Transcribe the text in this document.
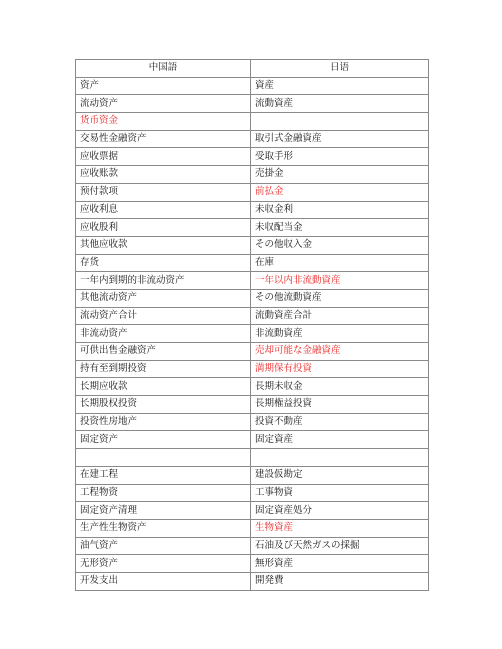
中国語	日语
资产	資産
流动资产	流動資産
货币资金	
交易性金融资产	取引式金融資産
应收票据	受取手形
应收账款	売掛金
预付款项	前払金
应收利息	未収金利
应收股利	未収配当金
其他应收款	その他収入金
存货	在庫
一年内到期的非流动资产	一年以内非流動資産
其他流动资产	その他流動資産
流动资产合计	流動資産合計
非流动资产	非流動資産
可供出售金融资产	売却可能な金融資産
持有至到期投资	満期保有投資
长期应收款	長期未収金
长期股权投资	長期権益投資
投资性房地产	投資不動産
固定资产	固定資産

在建工程	建設仮勘定
工程物资	工事物資
固定资产清理	固定資産処分
生产性生物资产	生物資産
油气资产	石油及び天然ガスの採掘
无形资产	無形資産
开发支出	開発費
